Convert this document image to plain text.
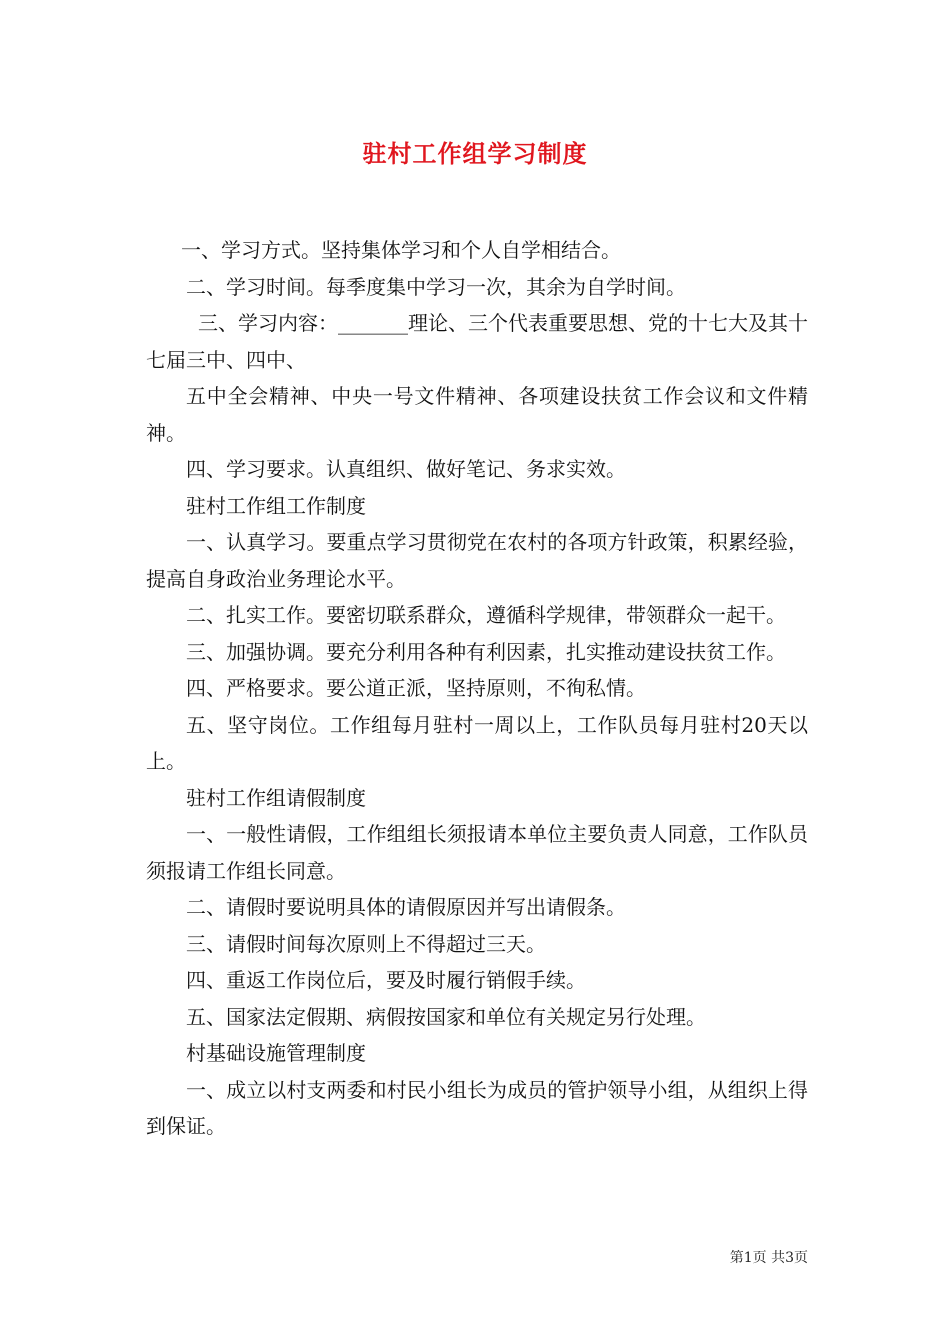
驻村工作组学习制度

一、学习方式。坚持集体学习和个人自学相结合。

二、学习时间。每季度集中学习一次，其余为自学时间。

三、学习内容：_______理论、三个代表重要思想、党的十七大及其十七届三中、四中、

五中全会精神、中央一号文件精神、各项建设扶贫工作会议和文件精神。

四、学习要求。认真组织、做好笔记、务求实效。

驻村工作组工作制度

一、认真学习。要重点学习贯彻党在农村的各项方针政策，积累经验，提高自身政治业务理论水平。

二、扎实工作。要密切联系群众，遵循科学规律，带领群众一起干。

三、加强协调。要充分利用各种有利因素，扎实推动建设扶贫工作。

四、严格要求。要公道正派，坚持原则，不徇私情。

五、坚守岗位。工作组每月驻村一周以上，工作队员每月驻村20天以上。

驻村工作组请假制度

一、一般性请假，工作组组长须报请本单位主要负责人同意，工作队员须报请工作组长同意。

二、请假时要说明具体的请假原因并写出请假条。

三、请假时间每次原则上不得超过三天。

四、重返工作岗位后，要及时履行销假手续。

五、国家法定假期、病假按国家和单位有关规定另行处理。

村基础设施管理制度

一、成立以村支两委和村民小组长为成员的管护领导小组，从组织上得到保证。

第1页 共3页
